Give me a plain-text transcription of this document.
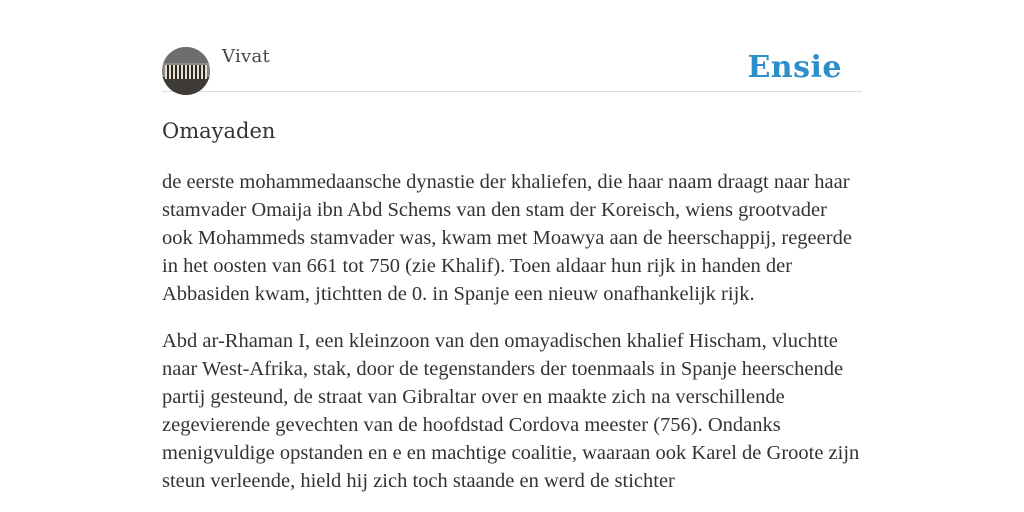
Vivat	Ensie
Omayaden

de eerste mohammedaansche dynastie der khaliefen, die haar naam draagt naar haar stamvader Omaija ibn Abd Schems van den stam der Koreisch, wiens grootvader ook Mohammeds stamvader was, kwam met Moawya aan de heerschappij, regeerde in het oosten van 661 tot 750 (zie Khalif). Toen aldaar hun rijk in handen der Abbasiden kwam, jtichtten de 0. in Spanje een nieuw onafhankelijk rijk.

Abd ar-Rhaman I, een kleinzoon van den omayadischen khalief Hischam, vluchtte naar West-Afrika, stak, door de tegenstanders der toenmaals in Spanje heerschende partij gesteund, de straat van Gibraltar over en maakte zich na verschillende zegevierende gevechten van de hoofdstad Cordova meester (756). Ondanks menigvuldige opstanden en e en machtige coalitie, waaraan ook Karel de Groote zijn steun verleende, hield hij zich toch staande en werd de stichter
